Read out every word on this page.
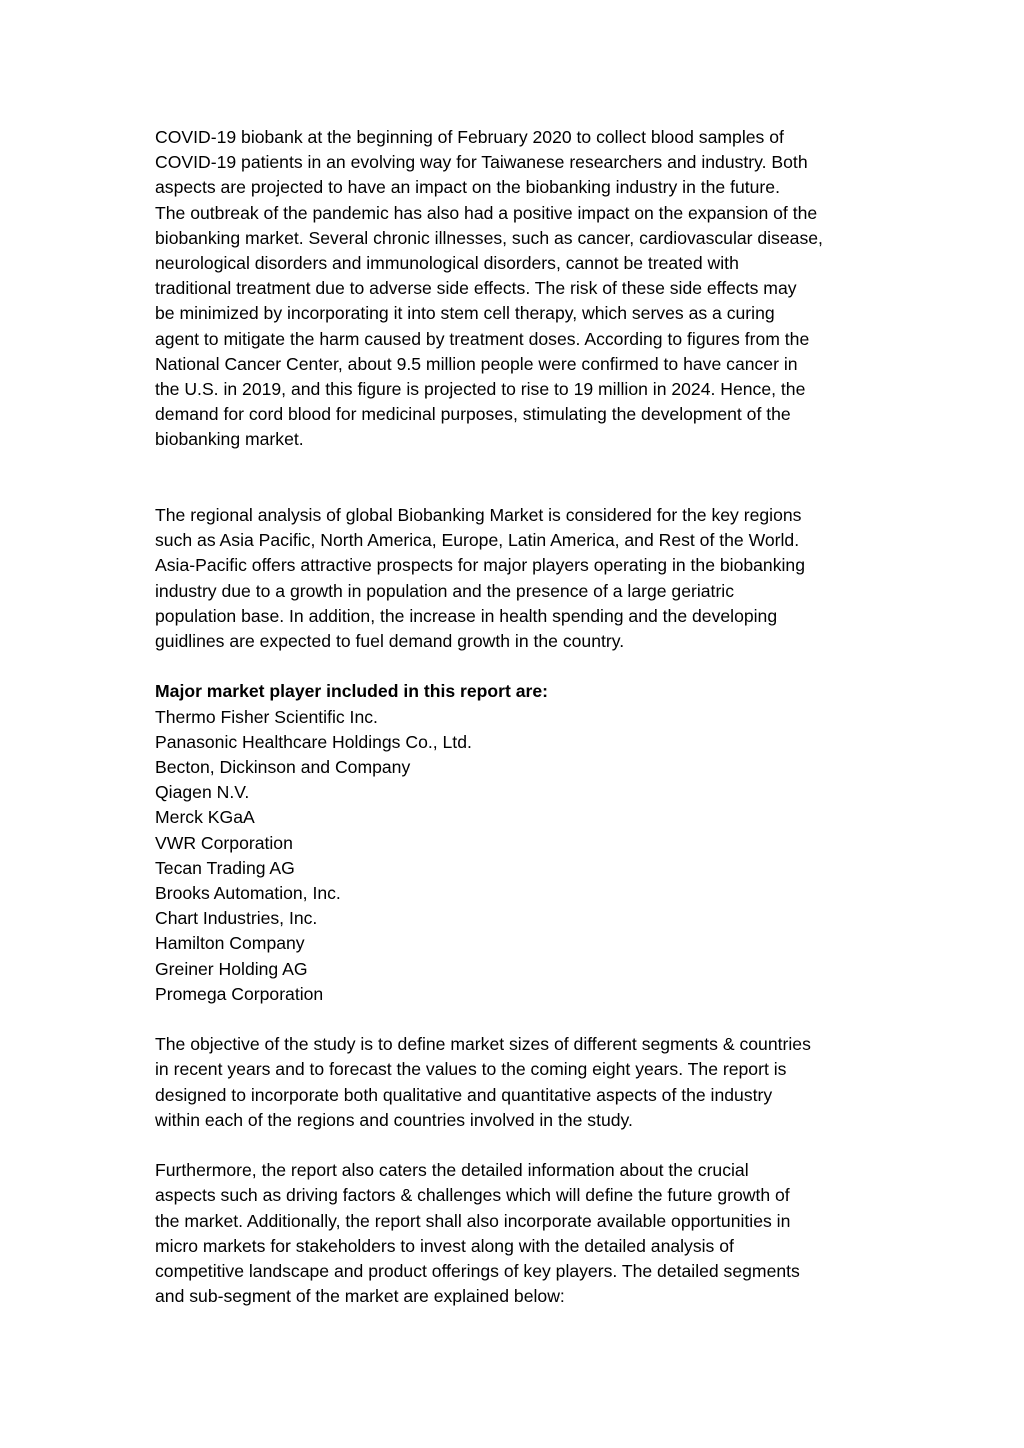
COVID-19 biobank at the beginning of February 2020 to collect blood samples of
COVID-19 patients in an evolving way for Taiwanese researchers and industry. Both
aspects are projected to have an impact on the biobanking industry in the future.
The outbreak of the pandemic has also had a positive impact on the expansion of the
biobanking market. Several chronic illnesses, such as cancer, cardiovascular disease,
neurological disorders and immunological disorders, cannot be treated with
traditional treatment due to adverse side effects. The risk of these side effects may
be minimized by incorporating it into stem cell therapy, which serves as a curing
agent to mitigate the harm caused by treatment doses. According to figures from the
National Cancer Center, about 9.5 million people were confirmed to have cancer in
the U.S. in 2019, and this figure is projected to rise to 19 million in 2024. Hence, the
demand for cord blood for medicinal purposes, stimulating the development of the
biobanking market.

The regional analysis of global Biobanking Market is considered for the key regions
such as Asia Pacific, North America, Europe, Latin America, and Rest of the World.
Asia-Pacific offers attractive prospects for major players operating in the biobanking
industry due to a growth in population and the presence of a large geriatric
population base. In addition, the increase in health spending and the developing
guidlines are expected to fuel demand growth in the country.

Major market player included in this report are:
Thermo Fisher Scientific Inc.
Panasonic Healthcare Holdings Co., Ltd.
Becton, Dickinson and Company
Qiagen N.V.
Merck KGaA
VWR Corporation
Tecan Trading AG
Brooks Automation, Inc.
Chart Industries, Inc.
Hamilton Company
Greiner Holding AG
Promega Corporation

The objective of the study is to define market sizes of different segments & countries
in recent years and to forecast the values to the coming eight years. The report is
designed to incorporate both qualitative and quantitative aspects of the industry
within each of the regions and countries involved in the study.

Furthermore, the report also caters the detailed information about the crucial
aspects such as driving factors & challenges which will define the future growth of
the market. Additionally, the report shall also incorporate available opportunities in
micro markets for stakeholders to invest along with the detailed analysis of
competitive landscape and product offerings of key players. The detailed segments
and sub-segment of the market are explained below:
